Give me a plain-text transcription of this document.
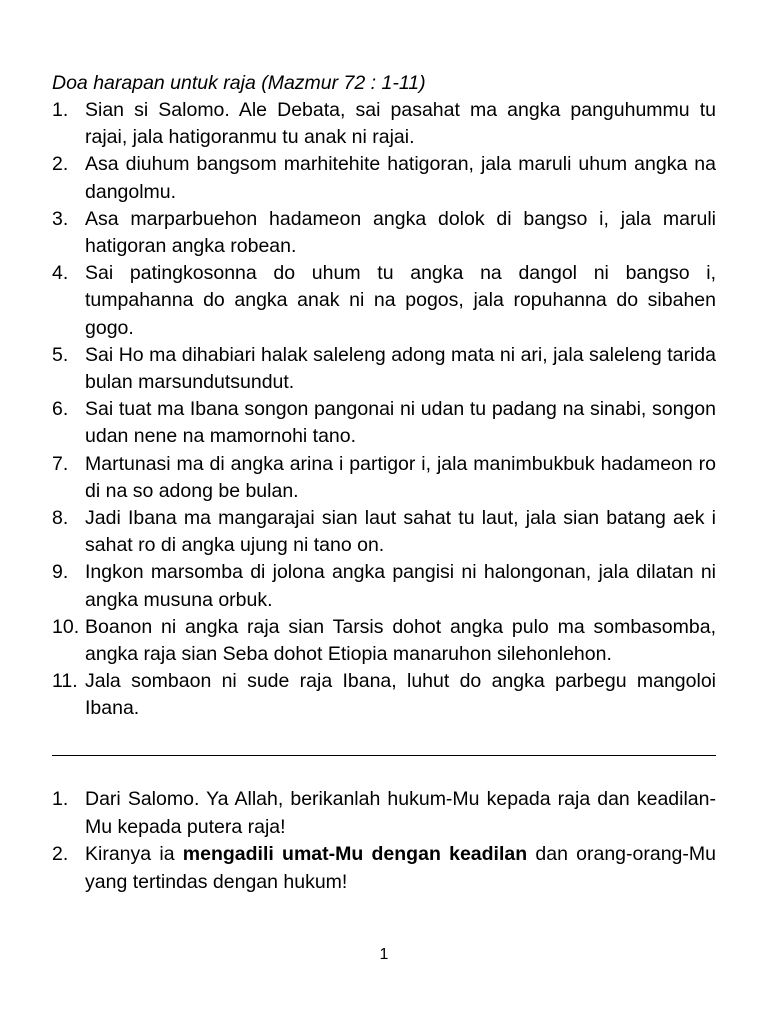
Doa harapan untuk raja (Mazmur 72 : 1-11)

1. Sian si Salomo. Ale Debata, sai pasahat ma angka panguhummu tu rajai, jala hatigoranmu tu anak ni rajai.
2. Asa diuhum bangsom marhitehite hatigoran, jala maruli uhum angka na dangolmu.
3. Asa marparbuehon hadameon angka dolok di bangso i, jala maruli hatigoran angka robean.
4. Sai patingkosonna do uhum tu angka na dangol ni bangso i, tumpahanna do angka anak ni na pogos, jala ropuhanna do sibahen gogo.
5. Sai Ho ma dihabiari halak saleleng adong mata ni ari, jala saleleng tarida bulan marsundutsundut.
6. Sai tuat ma Ibana songon pangonai ni udan tu padang na sinabi, songon udan nene na mamornohi tano.
7. Martunasi ma di angka arina i partigor i, jala manimbukbuk hadameon ro di na so adong be bulan.
8. Jadi Ibana ma mangarajai sian laut sahat tu laut, jala sian batang aek i sahat ro di angka ujung ni tano on.
9. Ingkon marsomba di jolona angka pangisi ni halongonan, jala dilatan ni angka musuna orbuk.
10. Boanon ni angka raja sian Tarsis dohot angka pulo ma sombasomba, angka raja sian Seba dohot Etiopia manaruhon silehonlehon.
11. Jala sombaon ni sude raja Ibana, luhut do angka parbegu mangoloi Ibana.
1. Dari Salomo. Ya Allah, berikanlah hukum-Mu kepada raja dan keadilan-Mu kepada putera raja!
2. Kiranya ia mengadili umat-Mu dengan keadilan dan orang-orang-Mu yang tertindas dengan hukum!
1
